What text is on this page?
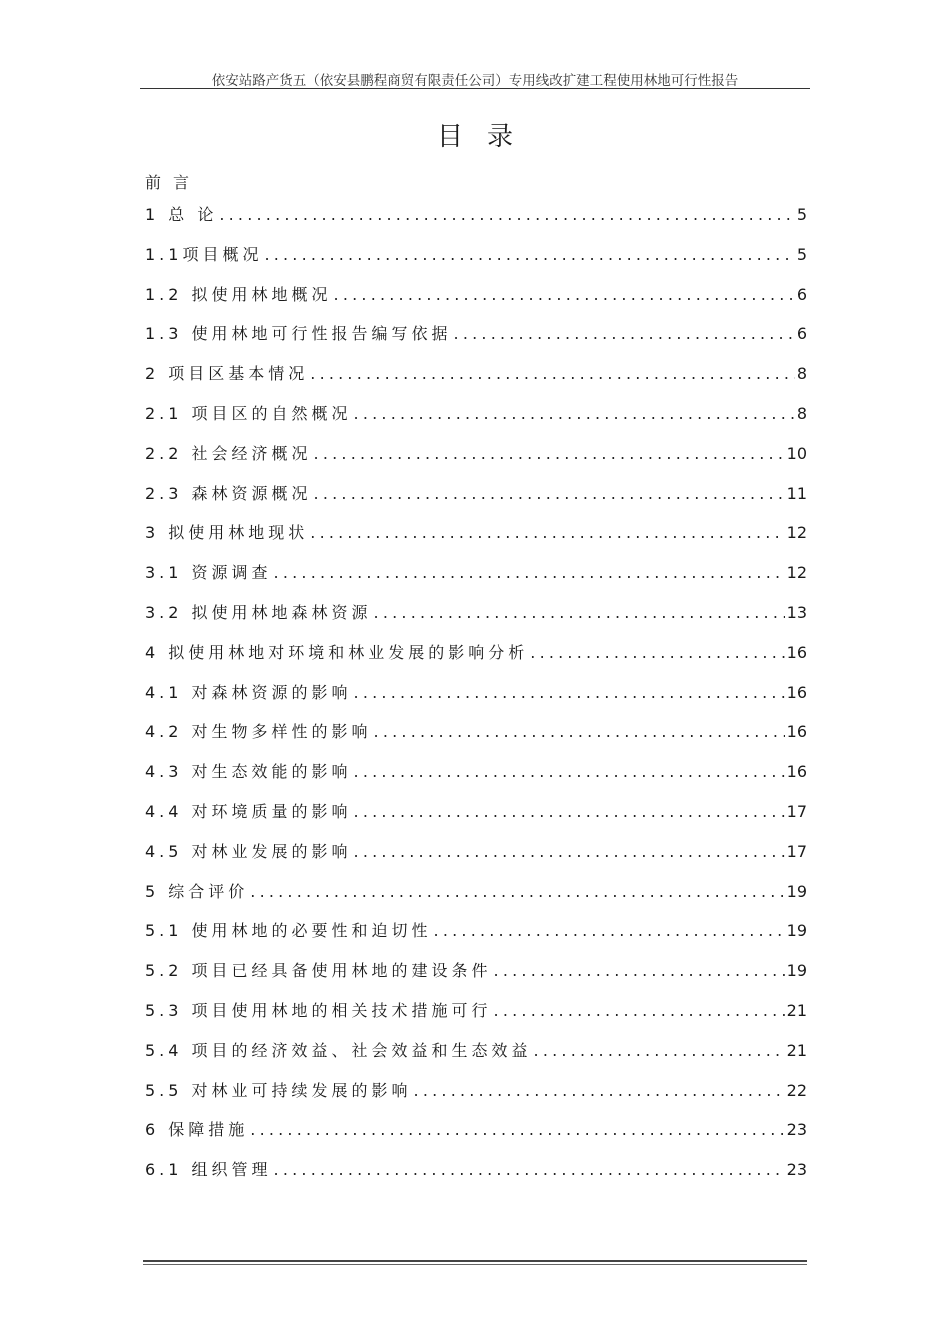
依安站路产货五（依安县鹏程商贸有限责任公司）专用线改扩建工程使用林地可行性报告
目录
前言
1 总 论 .....	5
1.1项目概况 .....	5
1.2 拟使用林地概况 .....	6
1.3 使用林地可行性报告编写依据 .....	6
2 项目区基本情况 .....	8
2.1 项目区的自然概况 .....	8
2.2 社会经济概况 .....	10
2.3 森林资源概况 .....	11
3 拟使用林地现状 .....	12
3.1 资源调查 .....	12
3.2 拟使用林地森林资源 .....	13
4 拟使用林地对环境和林业发展的影响分析 .....	16
4.1 对森林资源的影响 .....	16
4.2 对生物多样性的影响 .....	16
4.3 对生态效能的影响 .....	16
4.4 对环境质量的影响 .....	17
4.5 对林业发展的影响 .....	17
5 综合评价 .....	19
5.1 使用林地的必要性和迫切性 .....	19
5.2 项目已经具备使用林地的建设条件 .....	19
5.3 项目使用林地的相关技术措施可行 .....	21
5.4 项目的经济效益、社会效益和生态效益 .....	21
5.5 对林业可持续发展的影响 .....	22
6 保障措施 .....	23
6.1 组织管理 .....	23
